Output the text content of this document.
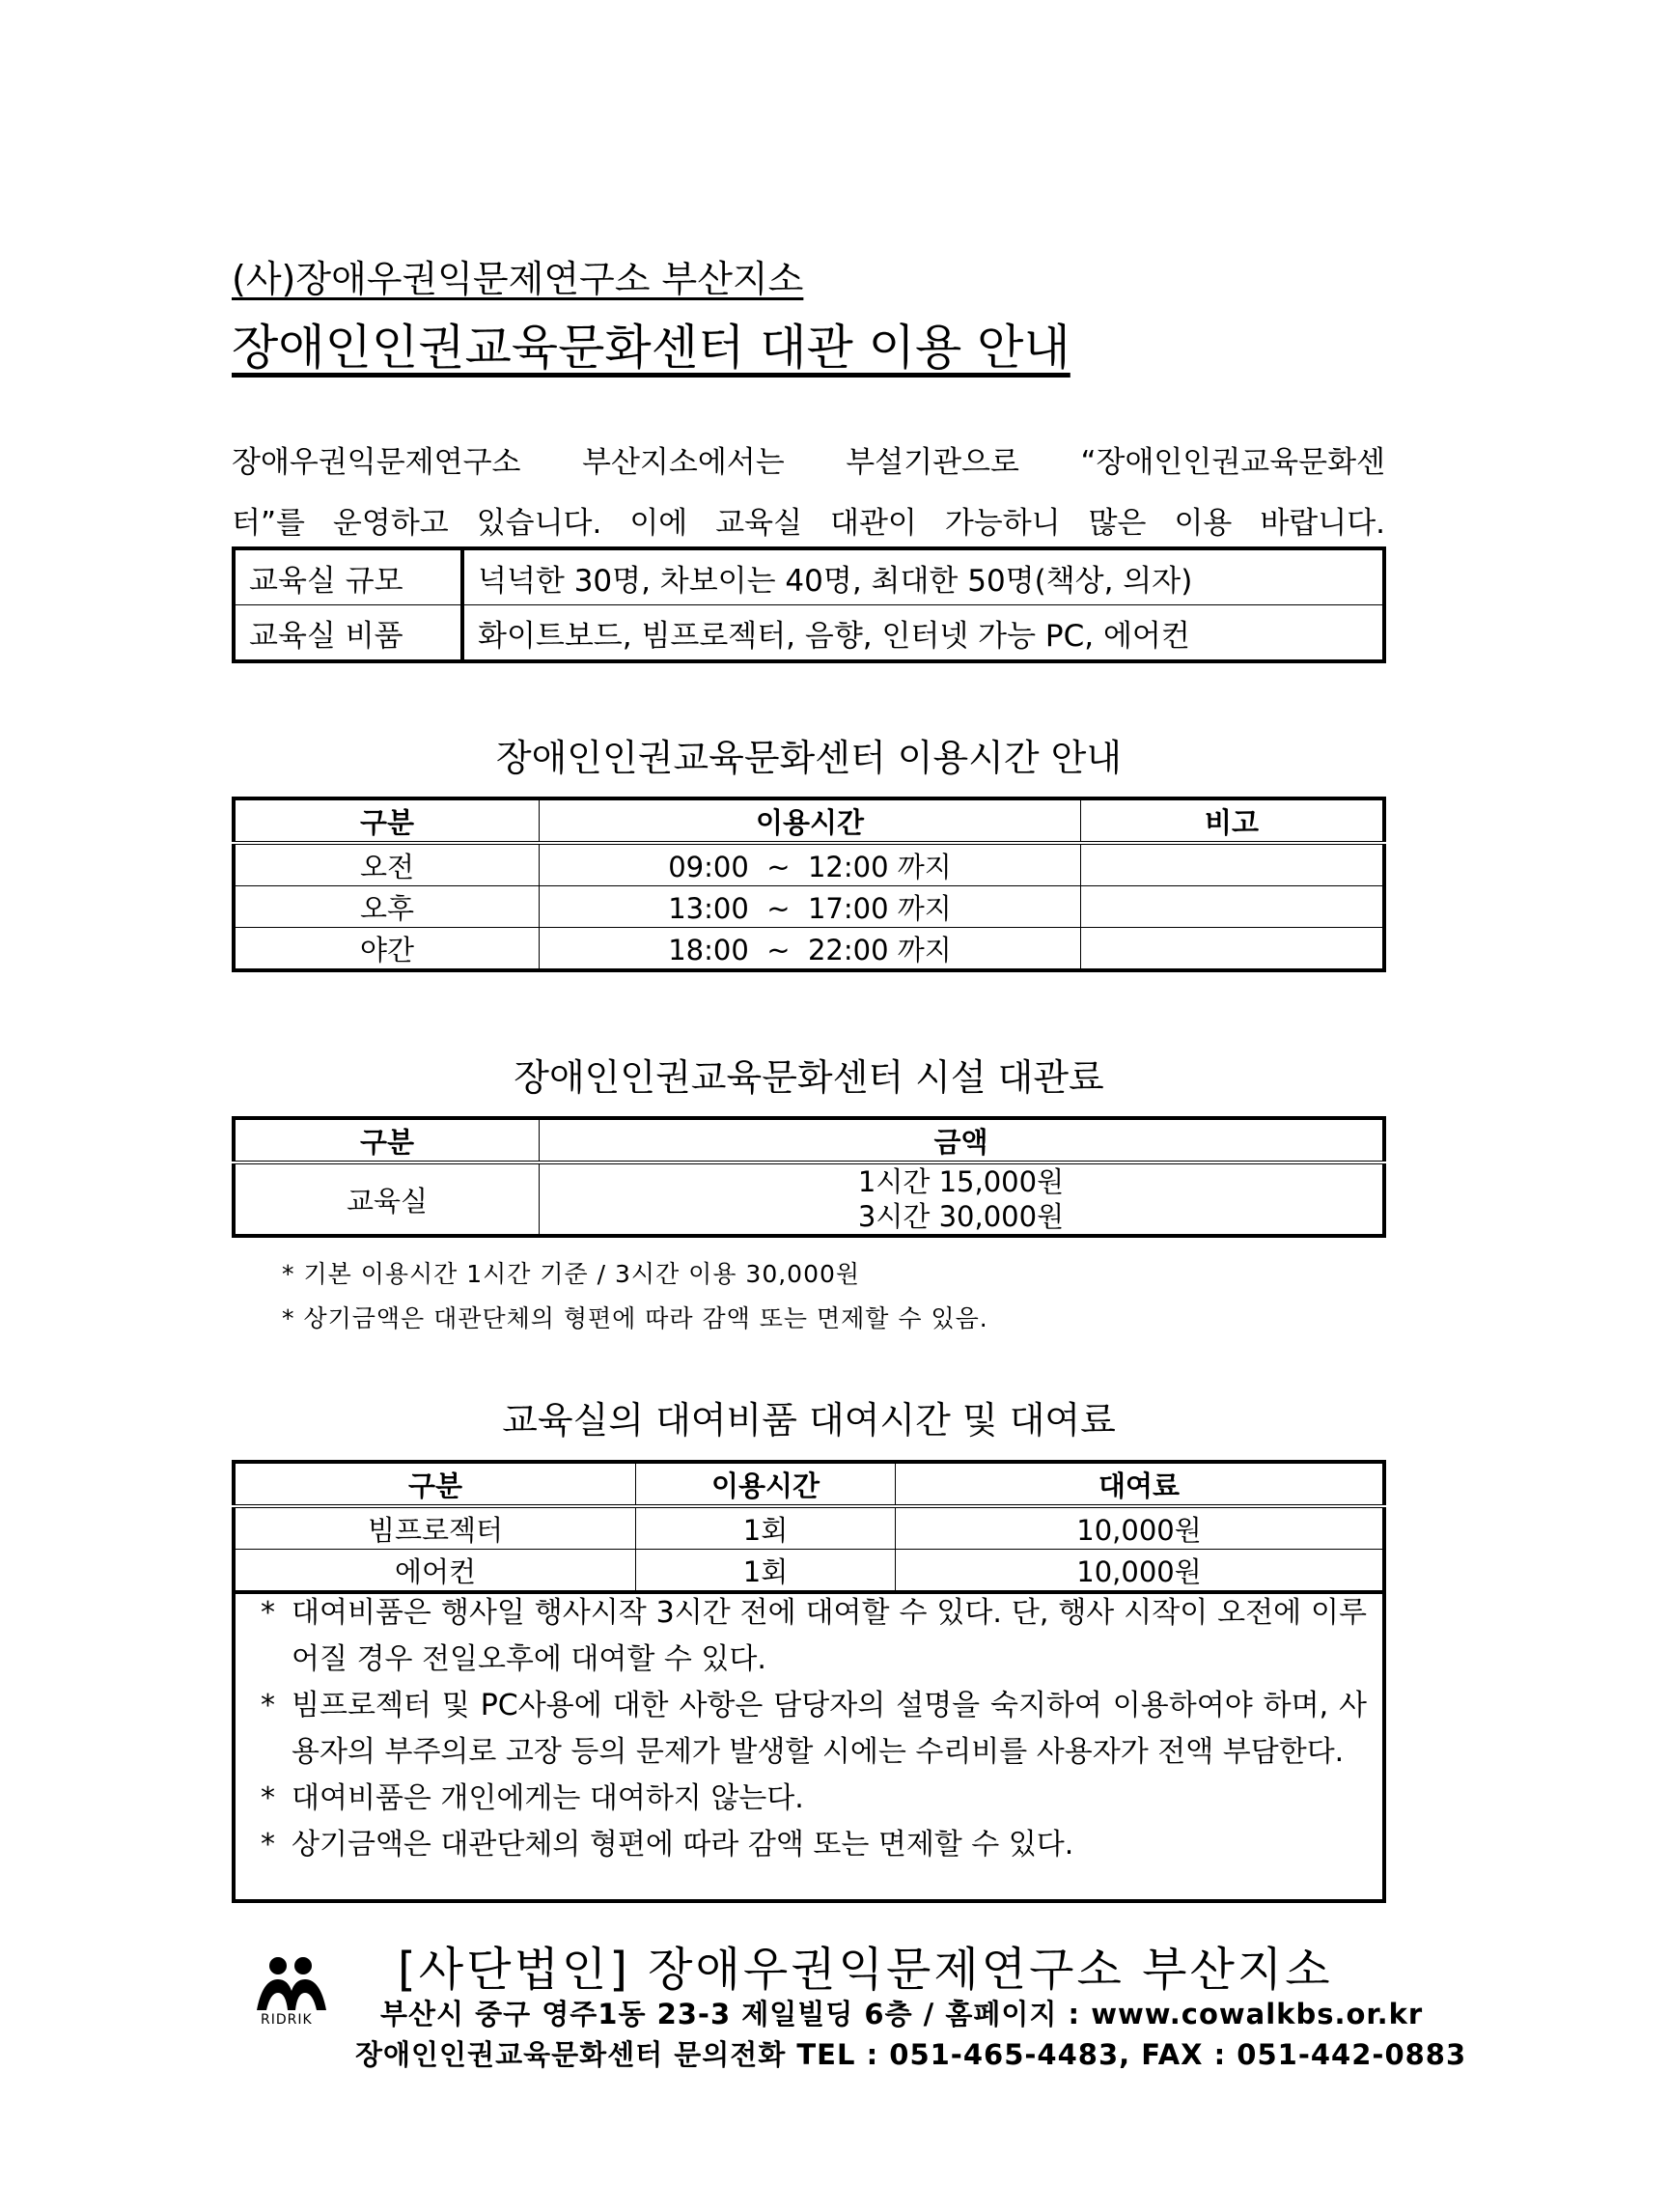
(사)장애우권익문제연구소 부산지소
장애인인권교육문화센터 대관 이용 안내
장애우권익문제연구소 부산지소에서는 부설기관으로 “장애인인권교육문화센
터”를 운영하고 있습니다. 이에 교육실 대관이 가능하니 많은 이용 바랍니다.
교육실 규모	넉넉한 30명, 차보이는 40명, 최대한 50명(책상, 의자)
교육실 비품	화이트보드, 빔프로젝터, 음향, 인터넷 가능 PC, 에어컨
장애인인권교육문화센터 이용시간 안내
구분	이용시간	비고
오전	09:00  ~  12:00 까지	
오후	13:00  ~  17:00 까지	
야간	18:00  ~  22:00 까지	
장애인인권교육문화센터 시설 대관료
구분	금액
교육실	1시간 15,000원
3시간 30,000원
* 기본 이용시간 1시간 기준 / 3시간 이용 30,000원
* 상기금액은 대관단체의 형편에 따라 감액 또는 면제할 수 있음.
교육실의 대여비품 대여시간 및 대여료
구분	이용시간	대여료
빔프로젝터	1회	10,000원
에어컨	1회	10,000원
* 대여비품은 행사일 행사시작 3시간 전에 대여할 수 있다. 단, 행사 시작이 오전에 이루어질 경우 전일오후에 대여할 수 있다.
* 빔프로젝터 및 PC사용에 대한 사항은 담당자의 설명을 숙지하여 이용하여야 하며, 사용자의 부주의로 고장 등의 문제가 발생할 시에는 수리비를 사용자가 전액 부담한다.
* 대여비품은 개인에게는 대여하지 않는다.
* 상기금액은 대관단체의 형편에 따라 감액 또는 면제할 수 있다.
RIDRIK
[사단법인] 장애우권익문제연구소 부산지소
부산시 중구 영주1동 23-3 제일빌딩 6층 / 홈페이지 : www.cowalkbs.or.kr
장애인인권교육문화센터 문의전화 TEL : 051-465-4483, FAX : 051-442-0883
